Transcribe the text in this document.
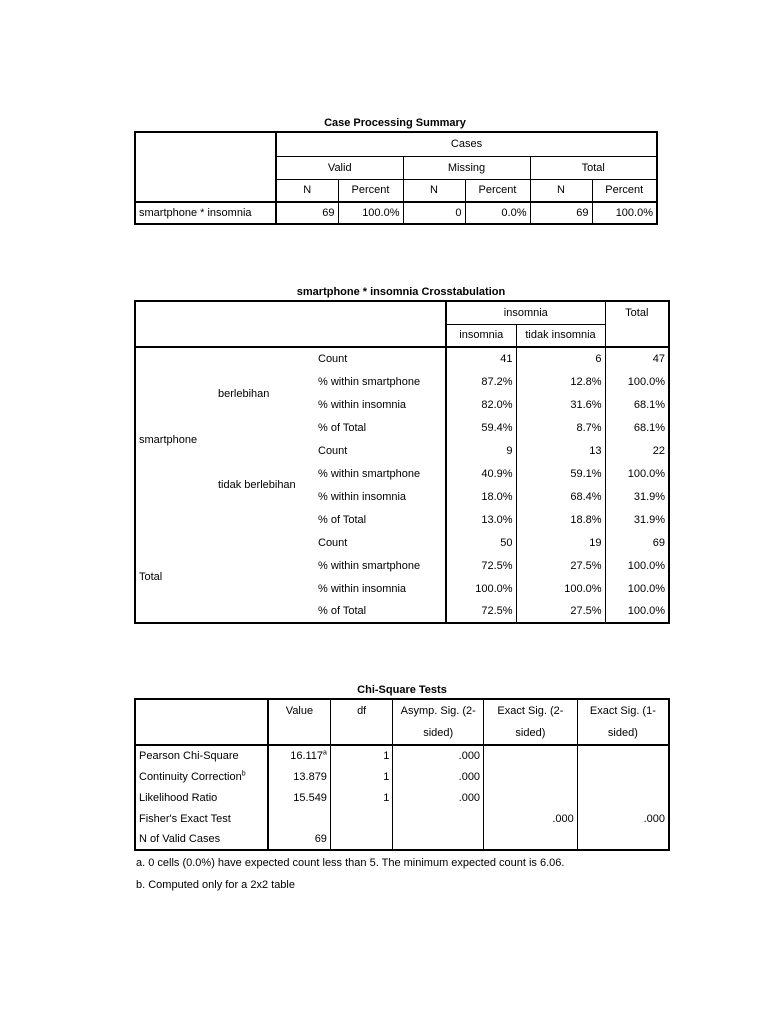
Case Processing Summary
	Cases					
	Valid		Missing		Total	
	N	Percent	N	Percent	N	Percent
smartphone * insomnia	69	100.0%	0	0.0%	69	100.0%
smartphone * insomnia Crosstabulation
			insomnia		Total
			insomnia	tidak insomnia	
smartphone	berlebihan	Count	41	6	47
		% within smartphone	87.2%	12.8%	100.0%
		% within insomnia	82.0%	31.6%	68.1%
		% of Total	59.4%	8.7%	68.1%
	tidak berlebihan	Count	9	13	22
		% within smartphone	40.9%	59.1%	100.0%
		% within insomnia	18.0%	68.4%	31.9%
		% of Total	13.0%	18.8%	31.9%
Total		Count	50	19	69
		% within smartphone	72.5%	27.5%	100.0%
		% within insomnia	100.0%	100.0%	100.0%
		% of Total	72.5%	27.5%	100.0%
Chi-Square Tests
	Value	df	Asymp. Sig. (2-	Exact Sig. (2-	Exact Sig. (1-
			sided)	sided)	sided)
Pearson Chi-Square	16.117$^a$	1	.000		
Continuity Correction$^b$	13.879	1	.000		
Likelihood Ratio	15.549	1	.000		
Fisher's Exact Test				.000	.000
N of Valid Cases	69				
a. 0 cells (0.0%) have expected count less than 5. The minimum expected count is 6.06.
b. Computed only for a 2x2 table
